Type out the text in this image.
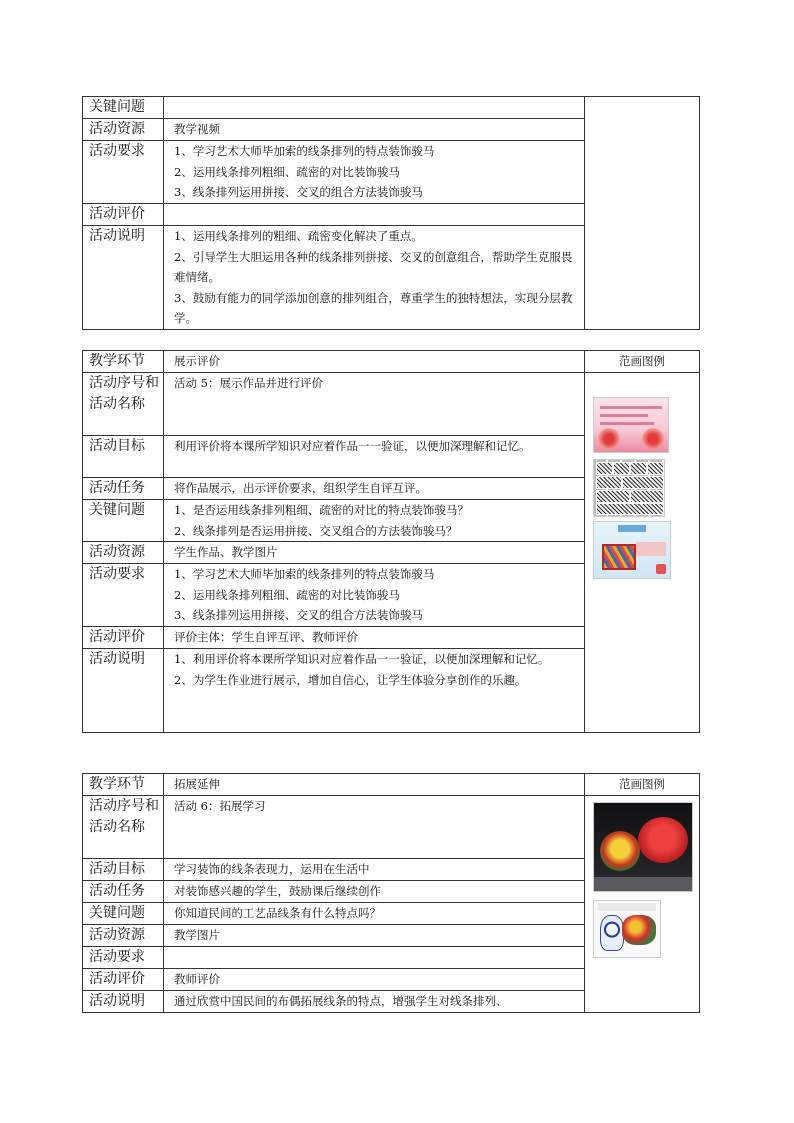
关键问题		
活动资源	教学视频	
活动要求	1、学习艺术大师毕加索的线条排列的特点装饰骏马

2、运用线条排列粗细、疏密的对比装饰骏马

3、线条排列运用拼接、交叉的组合方法装饰骏马	

活动评价		
活动说明	1、运用线条排列的粗细、疏密变化解决了重点。

2、引导学生大胆运用各种的线条排列拼接、交叉的创意组合，帮助学生克服畏难情绪。

3、鼓励有能力的同学添加创意的排列组合，尊重学生的独特想法，实现分层教学。	

教学环节	展示评价	范画图例
活动序号和活动名称	活动 5：展示作品并进行评价	

活动目标	利用评价将本课所学知识对应着作品一一验证，以便加深理解和记忆。	
活动任务	将作品展示，出示评价要求，组织学生自评互评。	
关键问题	1、是否运用线条排列粗细、疏密的对比的特点装饰骏马？

2、线条排列是否运用拼接、交叉组合的方法装饰骏马？	

活动资源	学生作品、教学图片	
活动要求	1、学习艺术大师毕加索的线条排列的特点装饰骏马

2、运用线条排列粗细、疏密的对比装饰骏马

3、线条排列运用拼接、交叉的组合方法装饰骏马	

活动评价	评价主体：学生自评互评、教师评价	
活动说明	1、利用评价将本课所学知识对应着作品一一验证，以便加深理解和记忆。

2、为学生作业进行展示，增加自信心，让学生体验分享创作的乐趣。	

教学环节	拓展延伸	范画图例
活动序号和活动名称	活动 6：拓展学习	

活动目标	学习装饰的线条表现力，运用在生活中	
活动任务	对装饰感兴趣的学生，鼓励课后继续创作	
关键问题	你知道民间的工艺品线条有什么特点吗？	
活动资源	教学图片	
活动要求		
活动评价	教师评价	
活动说明	通过欣赏中国民间的布偶拓展线条的特点，增强学生对线条排列、	
